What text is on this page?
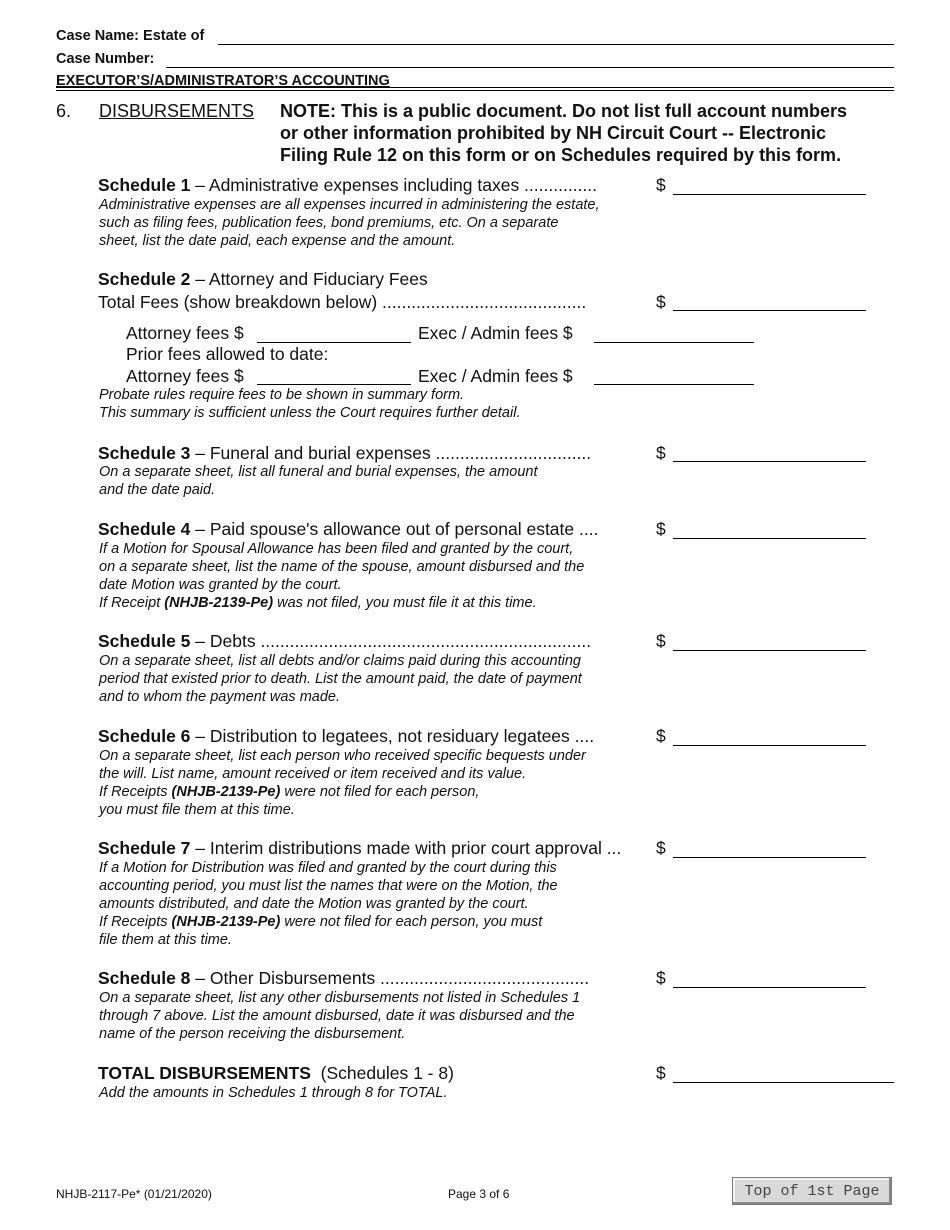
Case Name: Estate of
Case Number:
EXECUTOR’S/ADMINISTRATOR’S ACCOUNTING
6. DISBURSEMENTS NOTE: This is a public document. Do not list full account numbers
or other information prohibited by NH Circuit Court -- Electronic
Filing Rule 12 on this form or on Schedules required by this form.
Schedule 1 – Administrative expenses including taxes ...............	$
Administrative expenses are all expenses incurred in administering the estate,
such as filing fees, publication fees, bond premiums, etc. On a separate
sheet, list the date paid, each expense and the amount.
Schedule 2 – Attorney and Fiduciary Fees
Total Fees (show breakdown below) ..........................................	$
Attorney fees $	Exec / Admin fees $
Prior fees allowed to date:
Attorney fees $	Exec / Admin fees $
Probate rules require fees to be shown in summary form.
This summary is sufficient unless the Court requires further detail.
Schedule 3 – Funeral and burial expenses ................................	$
On a separate sheet, list all funeral and burial expenses, the amount
and the date paid.
Schedule 4 – Paid spouse's allowance out of personal estate ....	$
If a Motion for Spousal Allowance has been filed and granted by the court,
on a separate sheet, list the name of the spouse, amount disbursed and the
date Motion was granted by the court.
If Receipt (NHJB-2139-Pe) was not filed, you must file it at this time.
Schedule 5 – Debts ....................................................................	$
On a separate sheet, list all debts and/or claims paid during this accounting
period that existed prior to death. List the amount paid, the date of payment
and to whom the payment was made.
Schedule 6 – Distribution to legatees, not residuary legatees ....	$
On a separate sheet, list each person who received specific bequests under
the will. List name, amount received or item received and its value.
If Receipts (NHJB-2139-Pe) were not filed for each person,
you must file them at this time.
Schedule 7 – Interim distributions made with prior court approval ... $
If a Motion for Distribution was filed and granted by the court during this
accounting period, you must list the names that were on the Motion, the
amounts distributed, and date the Motion was granted by the court.
If Receipts (NHJB-2139-Pe) were not filed for each person, you must
file them at this time.
Schedule 8 – Other Disbursements ...........................................	$
On a separate sheet, list any other disbursements not listed in Schedules 1
through 7 above. List the amount disbursed, date it was disbursed and the
name of the person receiving the disbursement.
TOTAL DISBURSEMENTS  (Schedules 1 - 8)	$
Add the amounts in Schedules 1 through 8 for TOTAL.
NHJB-2117-Pe* (01/21/2020)	Page 3 of 6	Top of 1st Page
